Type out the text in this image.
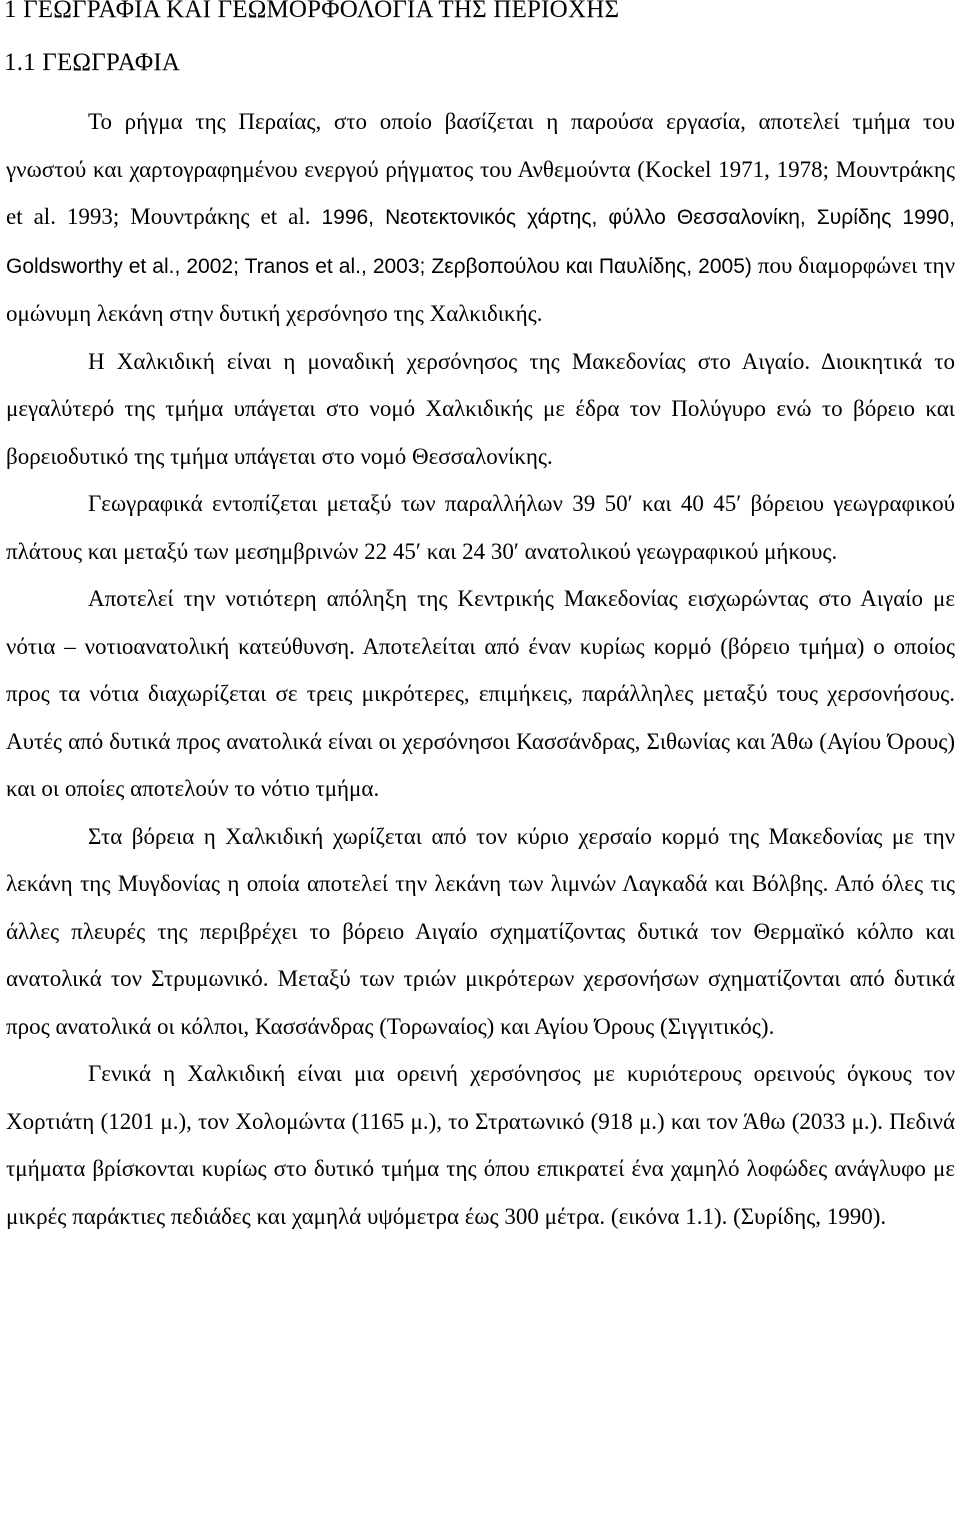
1 ΓΕΩΓΡΑΦΙΑ ΚΑΙ ΓΕΩΜΟΡΦΟΛΟΓΙΑ ΤΗΣ ΠΕΡΙΟΧΗΣ
1.1 ΓΕΩΓΡΑΦΙΑ

Το ρήγμα της Περαίας, στο οποίο βασίζεται η παρούσα εργασία, αποτελεί τμήμα του γνωστού και χαρτογραφημένου ενεργού ρήγματος του Ανθεμούντα (Kockel 1971, 1978; Μουντράκης et al. 1993; Μουντράκης et al. 1996, Νεοτεκτονικός χάρτης, φύλλο Θεσσαλονίκη, Συρίδης 1990, Goldsworthy et al., 2002; Tranos et al., 2003; Ζερβοπούλου και Παυλίδης, 2005) που διαμορφώνει την ομώνυμη λεκάνη στην δυτική χερσόνησο της Χαλκιδικής.

Η Χαλκιδική είναι η μοναδική χερσόνησος της Μακεδονίας στο Αιγαίο. Διοικητικά το μεγαλύτερό της τμήμα υπάγεται στο νομό Χαλκιδικής με έδρα τον Πολύγυρο ενώ το βόρειο και βορειοδυτικό της τμήμα υπάγεται στο νομό Θεσσαλονίκης.

Γεωγραφικά εντοπίζεται μεταξύ των παραλλήλων 39 50′ και 40 45′ βόρειου γεωγραφικού πλάτους και μεταξύ των μεσημβρινών 22 45′ και 24 30′ ανατολικού γεωγραφικού μήκους.

Αποτελεί την νοτιότερη απόληξη της Κεντρικής Μακεδονίας εισχωρώντας στο Αιγαίο με νότια – νοτιοανατολική κατεύθυνση. Αποτελείται από έναν κυρίως κορμό (βόρειο τμήμα) ο οποίος προς τα νότια διαχωρίζεται σε τρεις μικρότερες, επιμήκεις, παράλληλες μεταξύ τους χερσονήσους. Αυτές από δυτικά προς ανατολικά είναι οι χερσόνησοι Κασσάνδρας, Σιθωνίας και Άθω (Αγίου Όρους) και οι οποίες αποτελούν το νότιο τμήμα.

Στα βόρεια η Χαλκιδική χωρίζεται από τον κύριο χερσαίο κορμό της Μακεδονίας με την λεκάνη της Μυγδονίας η οποία αποτελεί την λεκάνη των λιμνών Λαγκαδά και Βόλβης. Από όλες τις άλλες πλευρές της περιβρέχει το βόρειο Αιγαίο σχηματίζοντας δυτικά τον Θερμαϊκό κόλπο και ανατολικά τον Στρυμωνικό. Μεταξύ των τριών μικρότερων χερσονήσων σχηματίζονται από δυτικά προς ανατολικά οι κόλποι, Κασσάνδρας (Τορωναίος) και Αγίου Όρους (Σιγγιτικός).

Γενικά η Χαλκιδική είναι μια ορεινή χερσόνησος με κυριότερους ορεινούς όγκους τον Χορτιάτη (1201 μ.), τον Χολομώντα (1165 μ.), το Στρατωνικό (918 μ.) και τον Άθω (2033 μ.). Πεδινά τμήματα βρίσκονται κυρίως στο δυτικό τμήμα της όπου επικρατεί ένα χαμηλό λοφώδες ανάγλυφο με μικρές παράκτιες πεδιάδες και χαμηλά υψόμετρα έως 300 μέτρα. (εικόνα 1.1). (Συρίδης, 1990).
